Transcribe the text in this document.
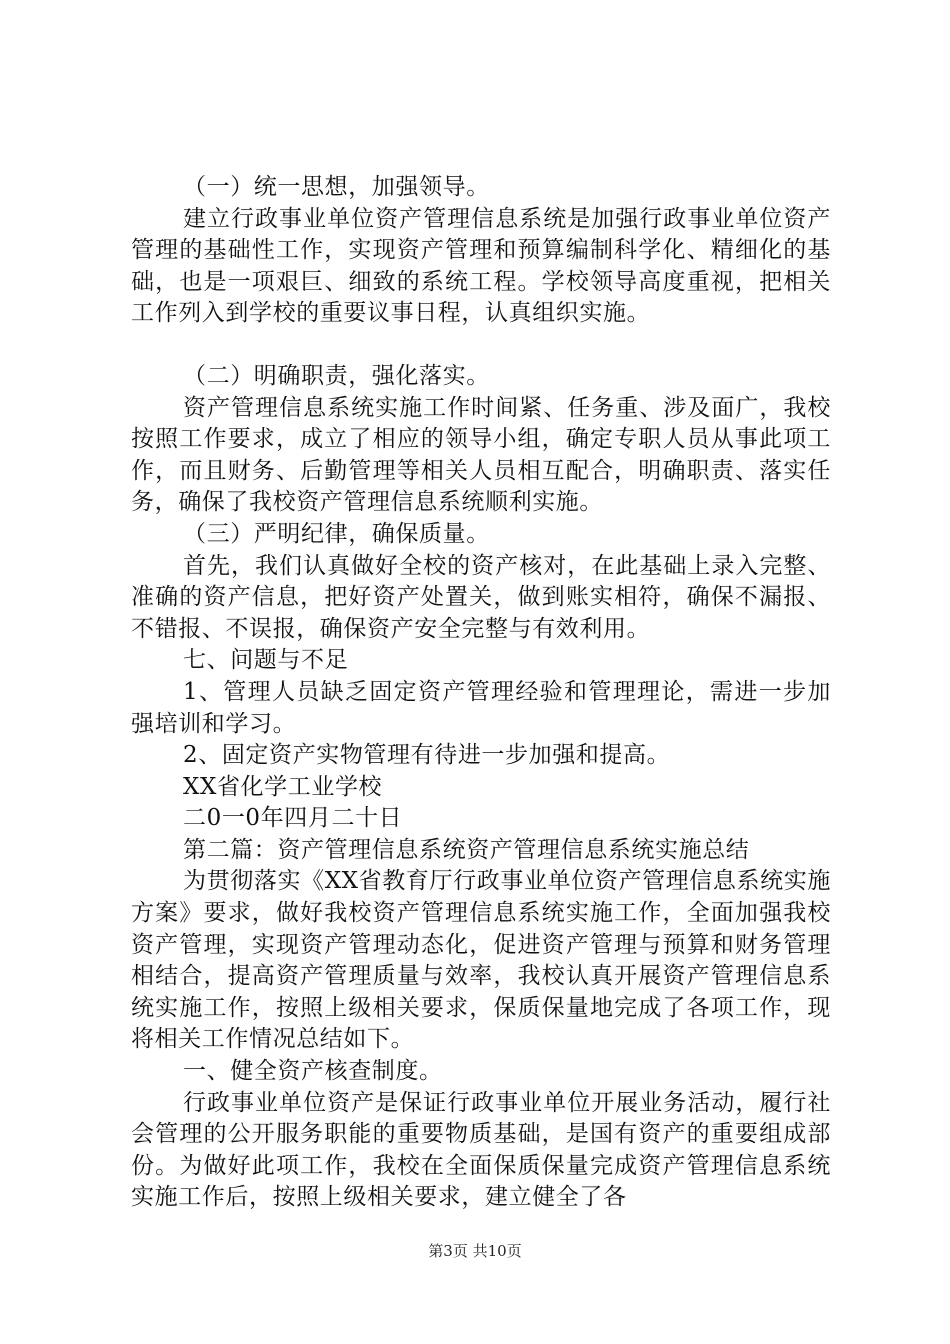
（一）统一思想，加强领导。

建立行政事业单位资产管理信息系统是加强行政事业单位资产管理的基础性工作，实现资产管理和预算编制科学化、精细化的基础，也是一项艰巨、细致的系统工程。学校领导高度重视，把相关工作列入到学校的重要议事日程，认真组织实施。

（二）明确职责，强化落实。

资产管理信息系统实施工作时间紧、任务重、涉及面广，我校按照工作要求，成立了相应的领导小组，确定专职人员从事此项工作，而且财务、后勤管理等相关人员相互配合，明确职责、落实任务，确保了我校资产管理信息系统顺利实施。

（三）严明纪律，确保质量。

首先，我们认真做好全校的资产核对，在此基础上录入完整、准确的资产信息，把好资产处置关，做到账实相符，确保不漏报、不错报、不误报，确保资产安全完整与有效利用。

七、问题与不足

1、管理人员缺乏固定资产管理经验和管理理论，需进一步加强培训和学习。

2、固定资产实物管理有待进一步加强和提高。

XX省化学工业学校

二0一0年四月二十日

第二篇：资产管理信息系统资产管理信息系统实施总结

为贯彻落实《XX省教育厅行政事业单位资产管理信息系统实施方案》要求，做好我校资产管理信息系统实施工作，全面加强我校资产管理，实现资产管理动态化，促进资产管理与预算和财务管理相结合，提高资产管理质量与效率，我校认真开展资产管理信息系统实施工作，按照上级相关要求，保质保量地完成了各项工作，现将相关工作情况总结如下。

一、健全资产核查制度。

行政事业单位资产是保证行政事业单位开展业务活动，履行社会管理的公开服务职能的重要物质基础，是国有资产的重要组成部份。为做好此项工作，我校在全面保质保量完成资产管理信息系统实施工作后，按照上级相关要求，建立健全了各

第3页 共10页
